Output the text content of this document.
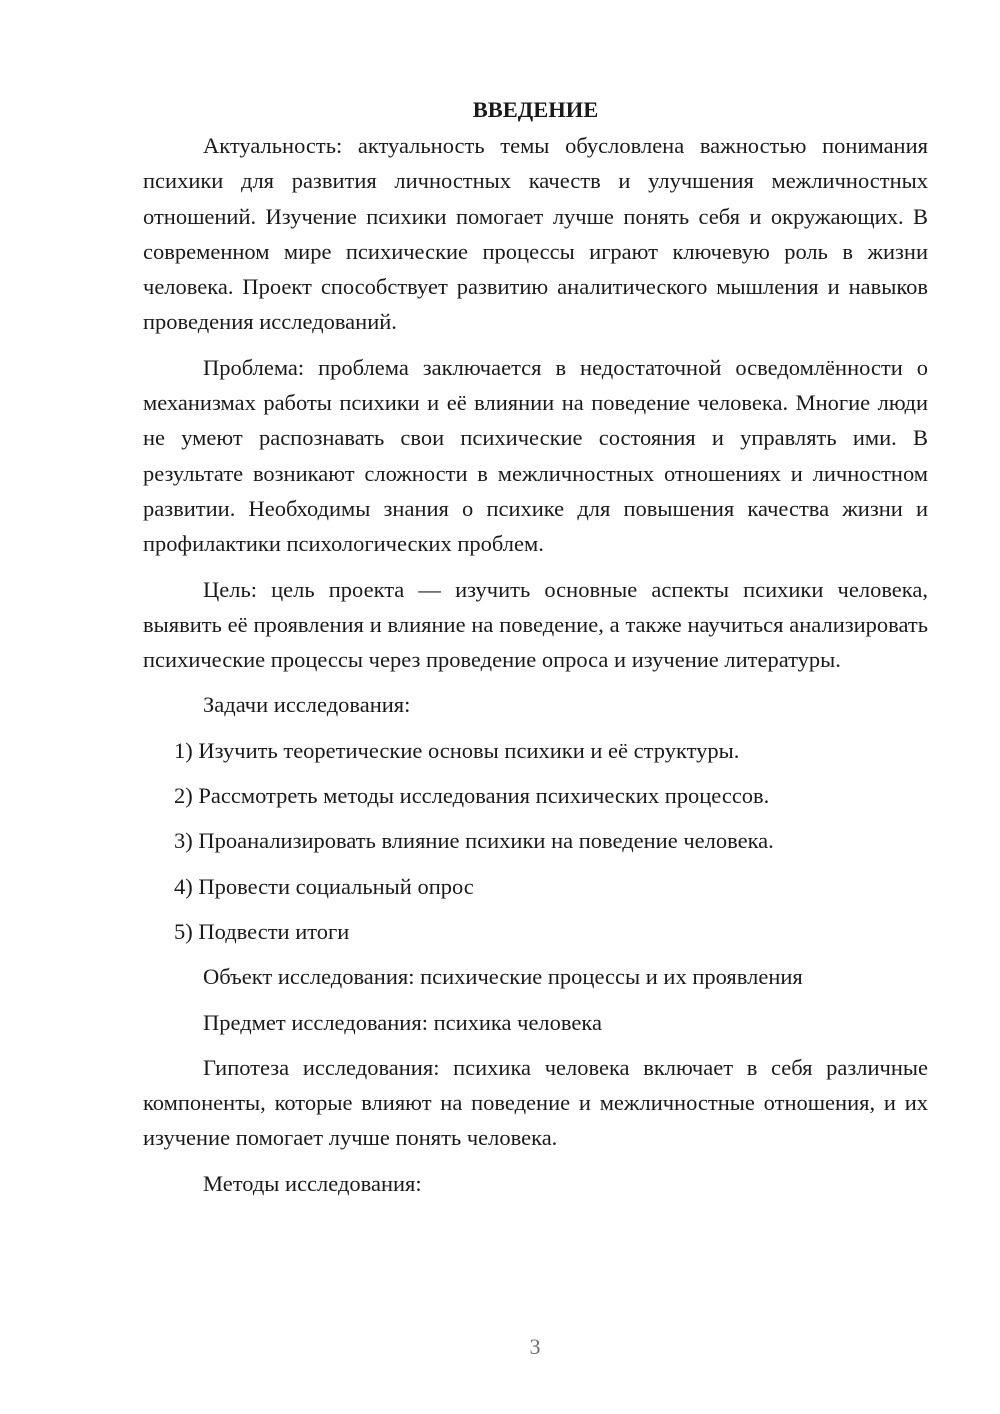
ВВЕДЕНИЕ

Актуальность: актуальность темы обусловлена важностью понимания психики для развития личностных качеств и улучшения межличностных отношений. Изучение психики помогает лучше понять себя и окружающих. В современном мире психические процессы играют ключевую роль в жизни человека. Проект способствует развитию аналитического мышления и навыков проведения исследований.

Проблема: проблема заключается в недостаточной осведомлённости о механизмах работы психики и её влиянии на поведение человека. Многие люди не умеют распознавать свои психические состояния и управлять ими. В результате возникают сложности в межличностных отношениях и личностном развитии. Необходимы знания о психике для повышения качества жизни и профилактики психологических проблем.

Цель: цель проекта — изучить основные аспекты психики человека, выявить её проявления и влияние на поведение, а также научиться анализировать психические процессы через проведение опроса и изучение литературы.

Задачи исследования:

1) Изучить теоретические основы психики и её структуры.

2) Рассмотреть методы исследования психических процессов.

3) Проанализировать влияние психики на поведение человека.

4) Провести социальный опрос

5) Подвести итоги

Объект исследования: психические процессы и их проявления

Предмет исследования: психика человека

Гипотеза исследования: психика человека включает в себя различные компоненты, которые влияют на поведение и межличностные отношения, и их изучение помогает лучше понять человека.

Методы исследования:

3
